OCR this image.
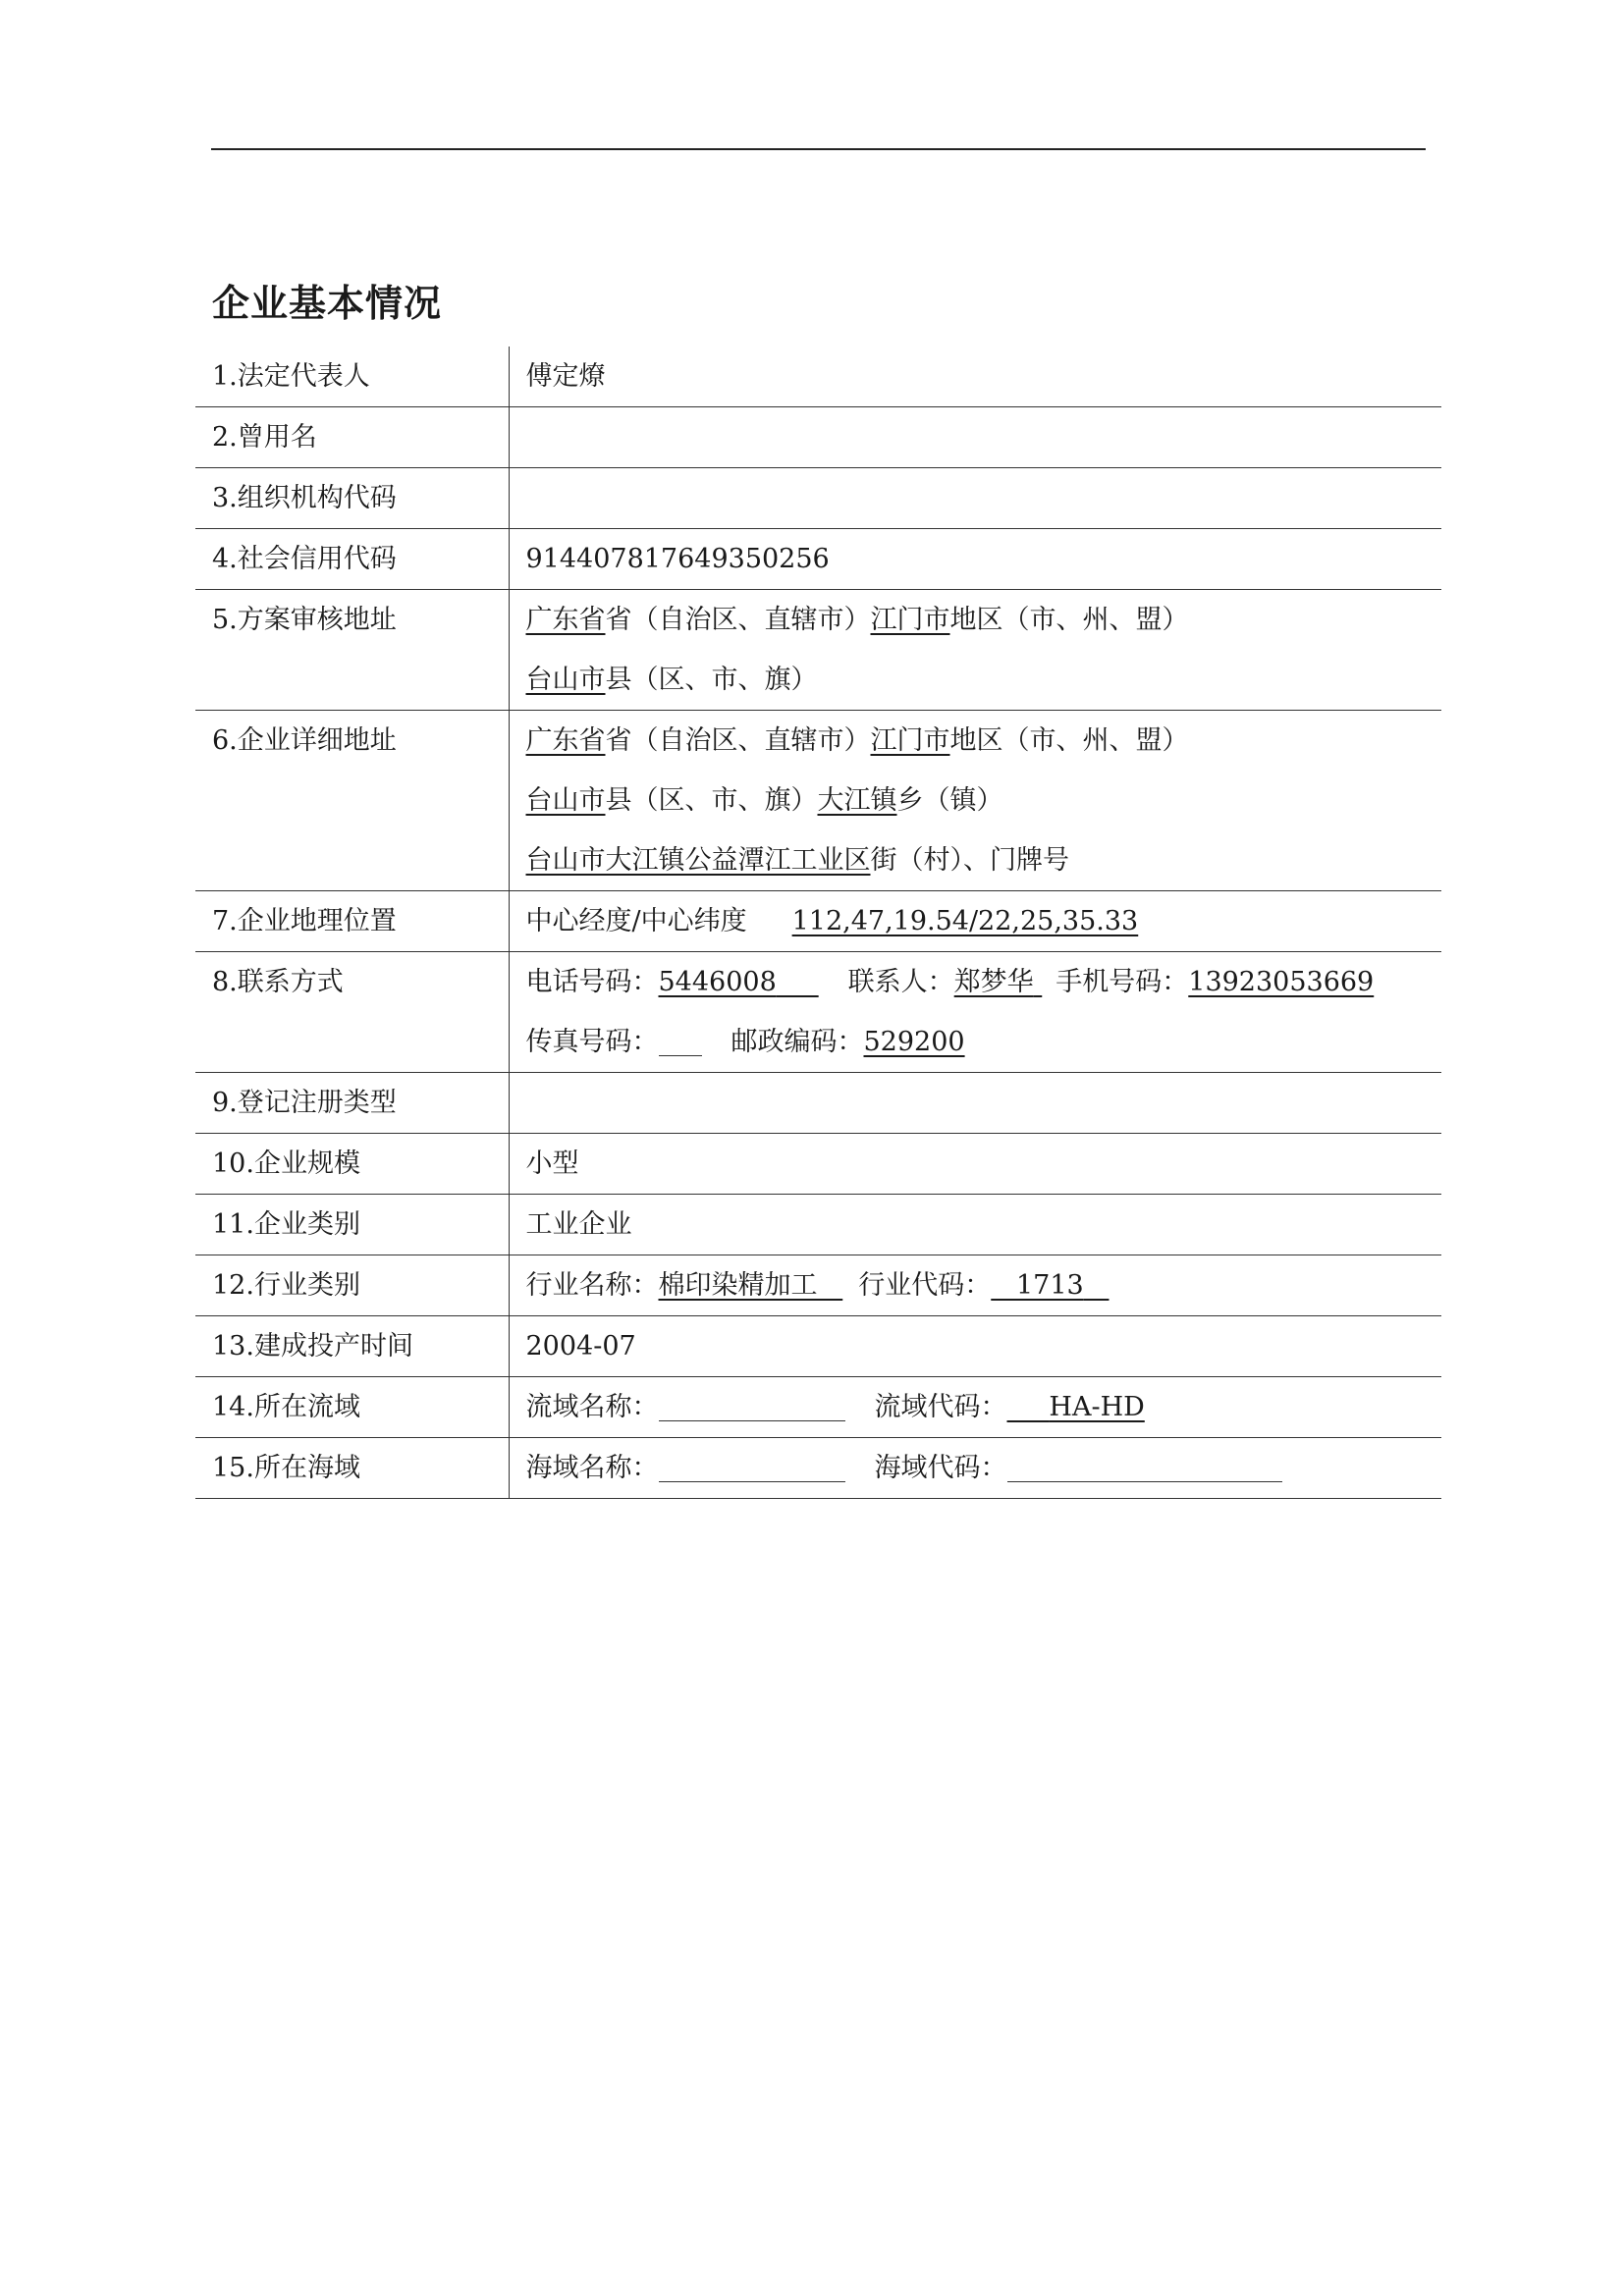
企业基本情况
1.法定代表人	傅定燎

2.曾用名	

3.组织机构代码	

4.社会信用代码	914407817649350256

5.方案审核地址	广东省省（自治区、直辖市）江门市地区（市、州、盟）
台山市县（区、市、旗）

6.企业详细地址	广东省省（自治区、直辖市）江门市地区（市、州、盟）
台山市县（区、市、旗）大江镇乡（镇）
台山市大江镇公益潭江工业区街（村）、门牌号

7.企业地理位置	中心经度/中心纬度 112,47,19.54/22,25,35.33

8.联系方式	电话号码：5446008 联系人：郑梦华 手机号码：13923053669
传真号码： 邮政编码：529200

9.登记注册类型	

10.企业规模	小型

11.企业类别	工业企业

12.行业类别	行业名称：棉印染精加工 行业代码： 1713

13.建成投产时间	2004-07

14.所在流域	流域名称： 流域代码： HA-HD

15.所在海域	海域名称： 海域代码：
